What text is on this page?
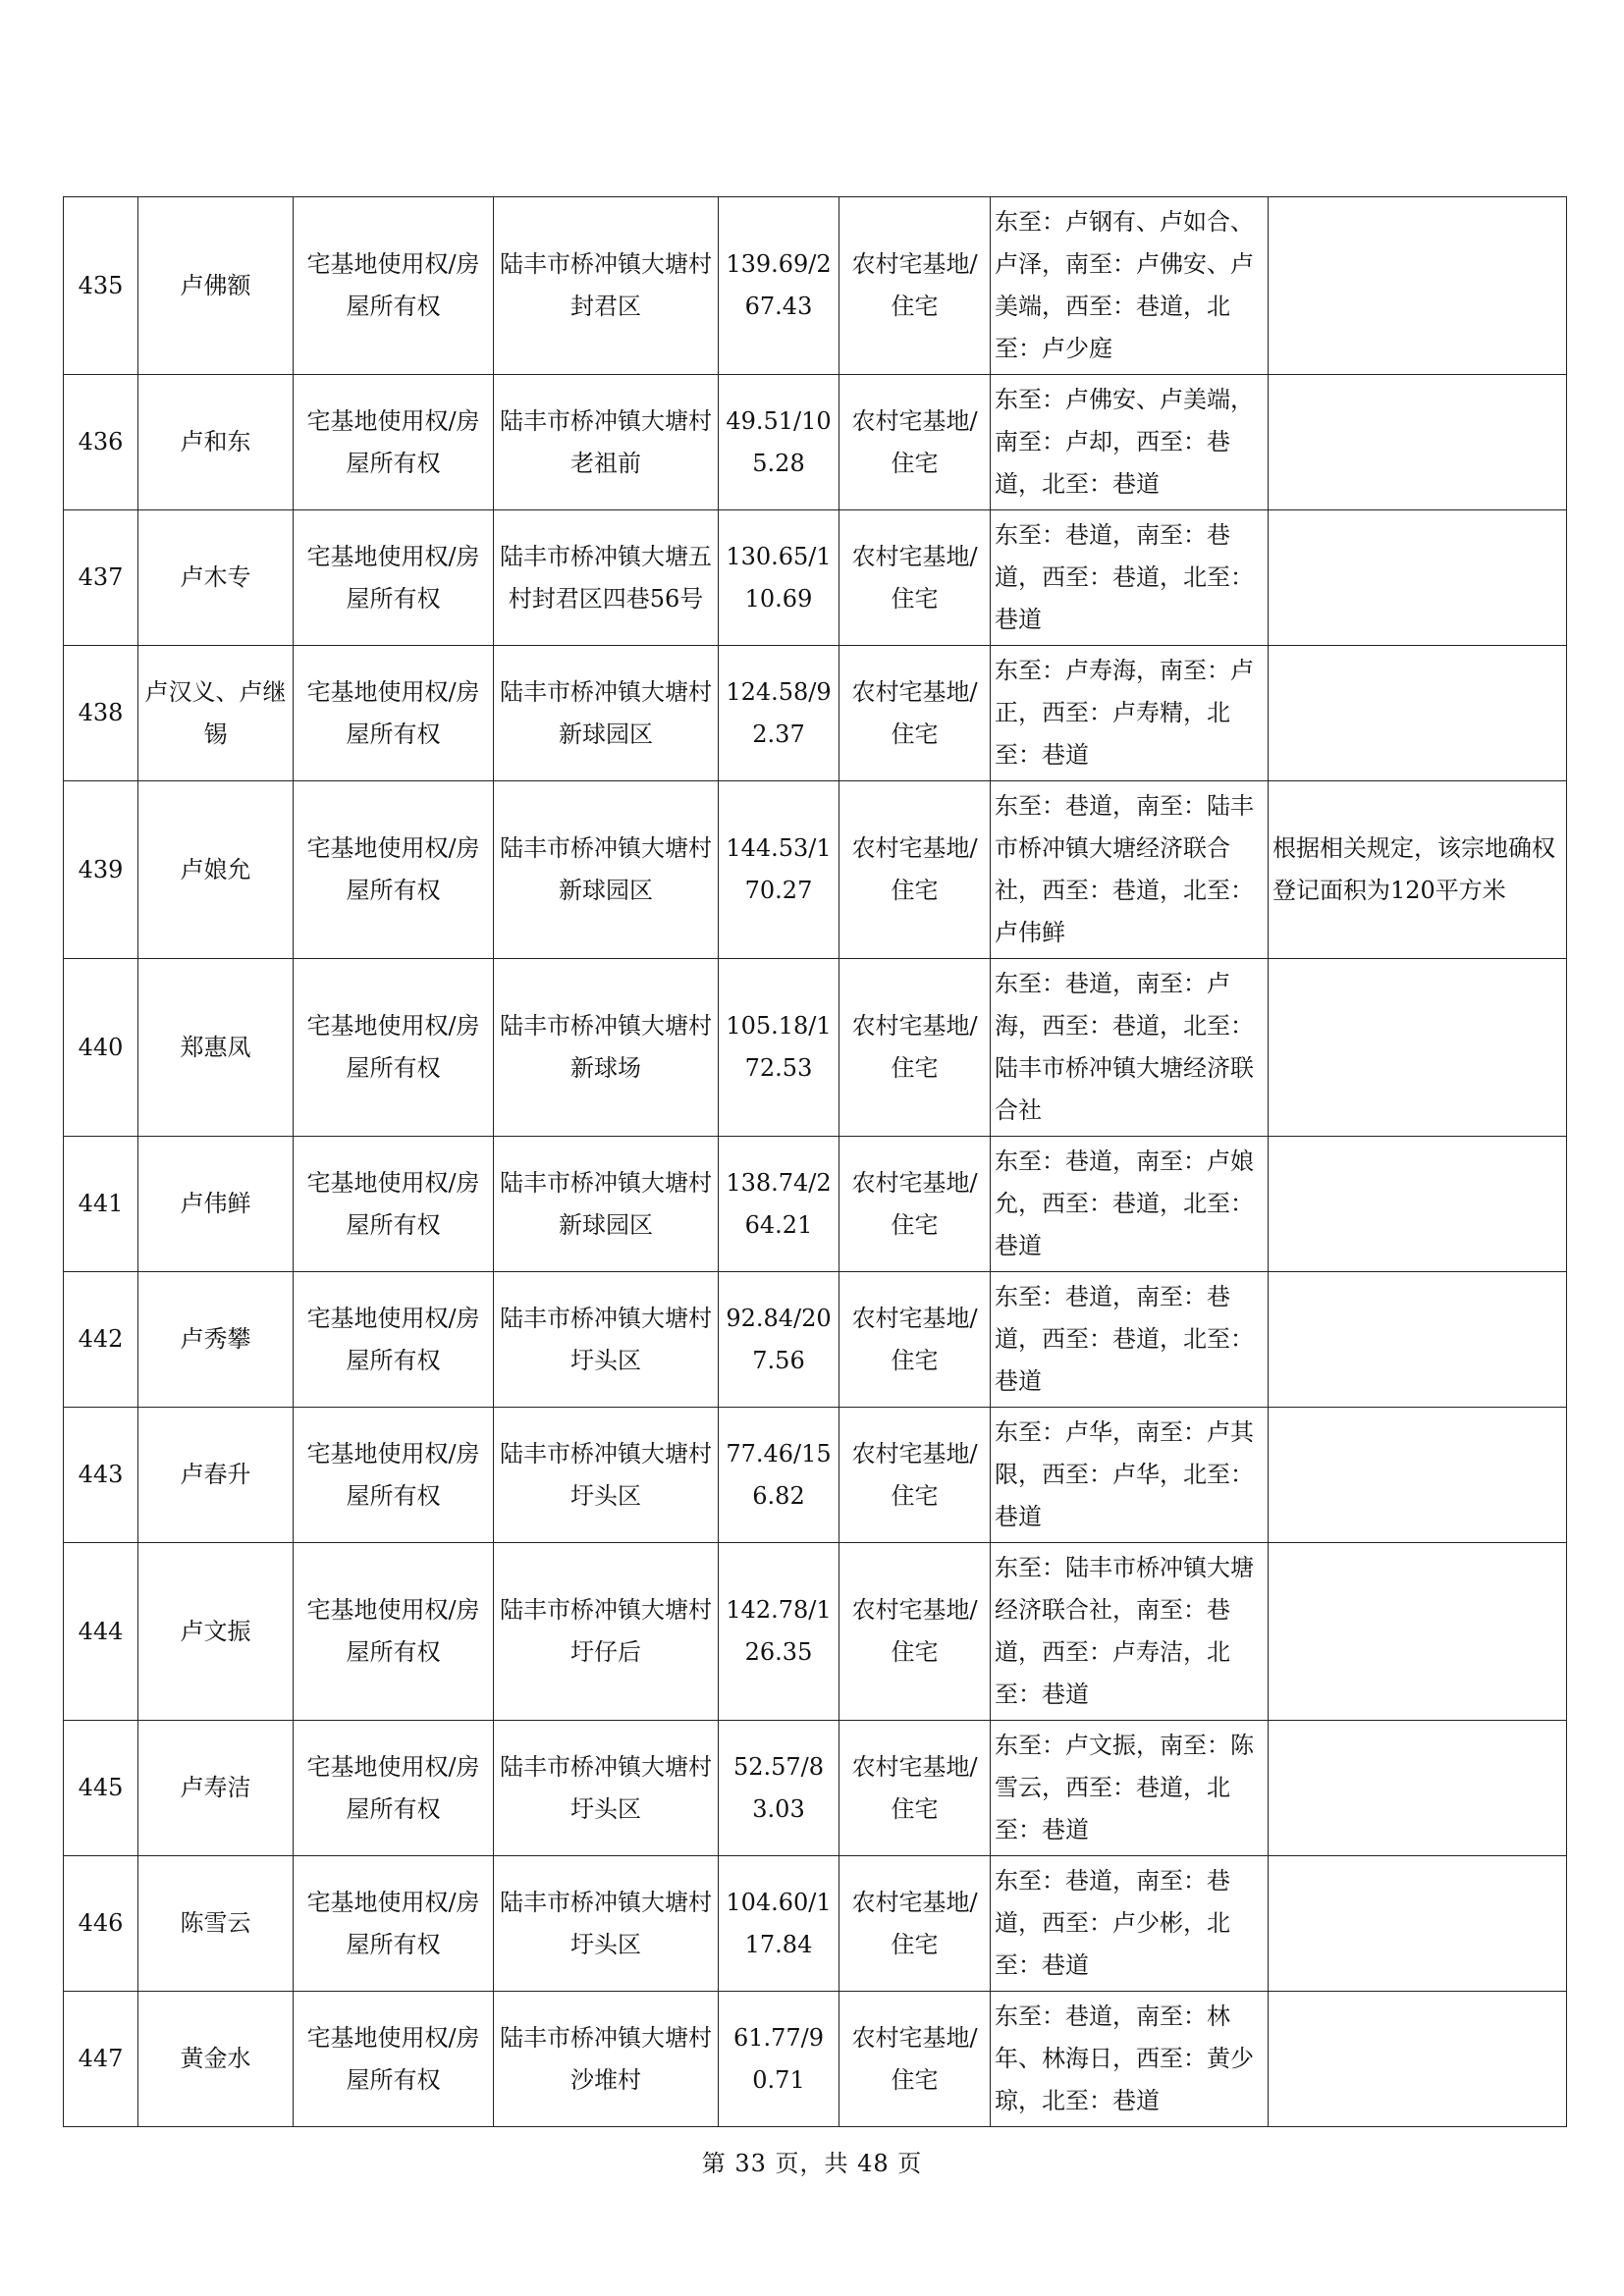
435	卢佛额	宅基地使用权/房屋所有权	陆丰市桥冲镇大塘村封君区	139.69/267.43	农村宅基地/住宅	东至：卢钢有、卢如合、卢泽，南至：卢佛安、卢美端，西至：巷道，北至：卢少庭	
436	卢和东	宅基地使用权/房屋所有权	陆丰市桥冲镇大塘村老祖前	49.51/105.28	农村宅基地/住宅	东至：卢佛安、卢美端，南至：卢却，西至：巷道，北至：巷道	
437	卢木专	宅基地使用权/房屋所有权	陆丰市桥冲镇大塘五村封君区四巷56号	130.65/110.69	农村宅基地/住宅	东至：巷道，南至：巷道，西至：巷道，北至：巷道	
438	卢汉义、卢继锡	宅基地使用权/房屋所有权	陆丰市桥冲镇大塘村新球园区	124.58/92.37	农村宅基地/住宅	东至：卢寿海，南至：卢正，西至：卢寿精，北至：巷道	
439	卢娘允	宅基地使用权/房屋所有权	陆丰市桥冲镇大塘村新球园区	144.53/170.27	农村宅基地/住宅	东至：巷道，南至：陆丰市桥冲镇大塘经济联合社，西至：巷道，北至：卢伟鲜	根据相关规定，该宗地确权登记面积为120平方米
440	郑惠凤	宅基地使用权/房屋所有权	陆丰市桥冲镇大塘村新球场	105.18/172.53	农村宅基地/住宅	东至：巷道，南至：卢海，西至：巷道，北至：陆丰市桥冲镇大塘经济联合社	
441	卢伟鲜	宅基地使用权/房屋所有权	陆丰市桥冲镇大塘村新球园区	138.74/264.21	农村宅基地/住宅	东至：巷道，南至：卢娘允，西至：巷道，北至：巷道	
442	卢秀攀	宅基地使用权/房屋所有权	陆丰市桥冲镇大塘村圩头区	92.84/207.56	农村宅基地/住宅	东至：巷道，南至：巷道，西至：巷道，北至：巷道	
443	卢春升	宅基地使用权/房屋所有权	陆丰市桥冲镇大塘村圩头区	77.46/156.82	农村宅基地/住宅	东至：卢华，南至：卢其限，西至：卢华，北至：巷道	
444	卢文振	宅基地使用权/房屋所有权	陆丰市桥冲镇大塘村圩仔后	142.78/126.35	农村宅基地/住宅	东至：陆丰市桥冲镇大塘经济联合社，南至：巷道，西至：卢寿洁，北至：巷道	
445	卢寿洁	宅基地使用权/房屋所有权	陆丰市桥冲镇大塘村圩头区	52.57/83.03	农村宅基地/住宅	东至：卢文振，南至：陈雪云，西至：巷道，北至：巷道	
446	陈雪云	宅基地使用权/房屋所有权	陆丰市桥冲镇大塘村圩头区	104.60/117.84	农村宅基地/住宅	东至：巷道，南至：巷道，西至：卢少彬，北至：巷道	
447	黄金水	宅基地使用权/房屋所有权	陆丰市桥冲镇大塘村沙堆村	61.77/90.71	农村宅基地/住宅	东至：巷道，南至：林年、林海日，西至：黄少琼，北至：巷道	
第 33 页，共 48 页
